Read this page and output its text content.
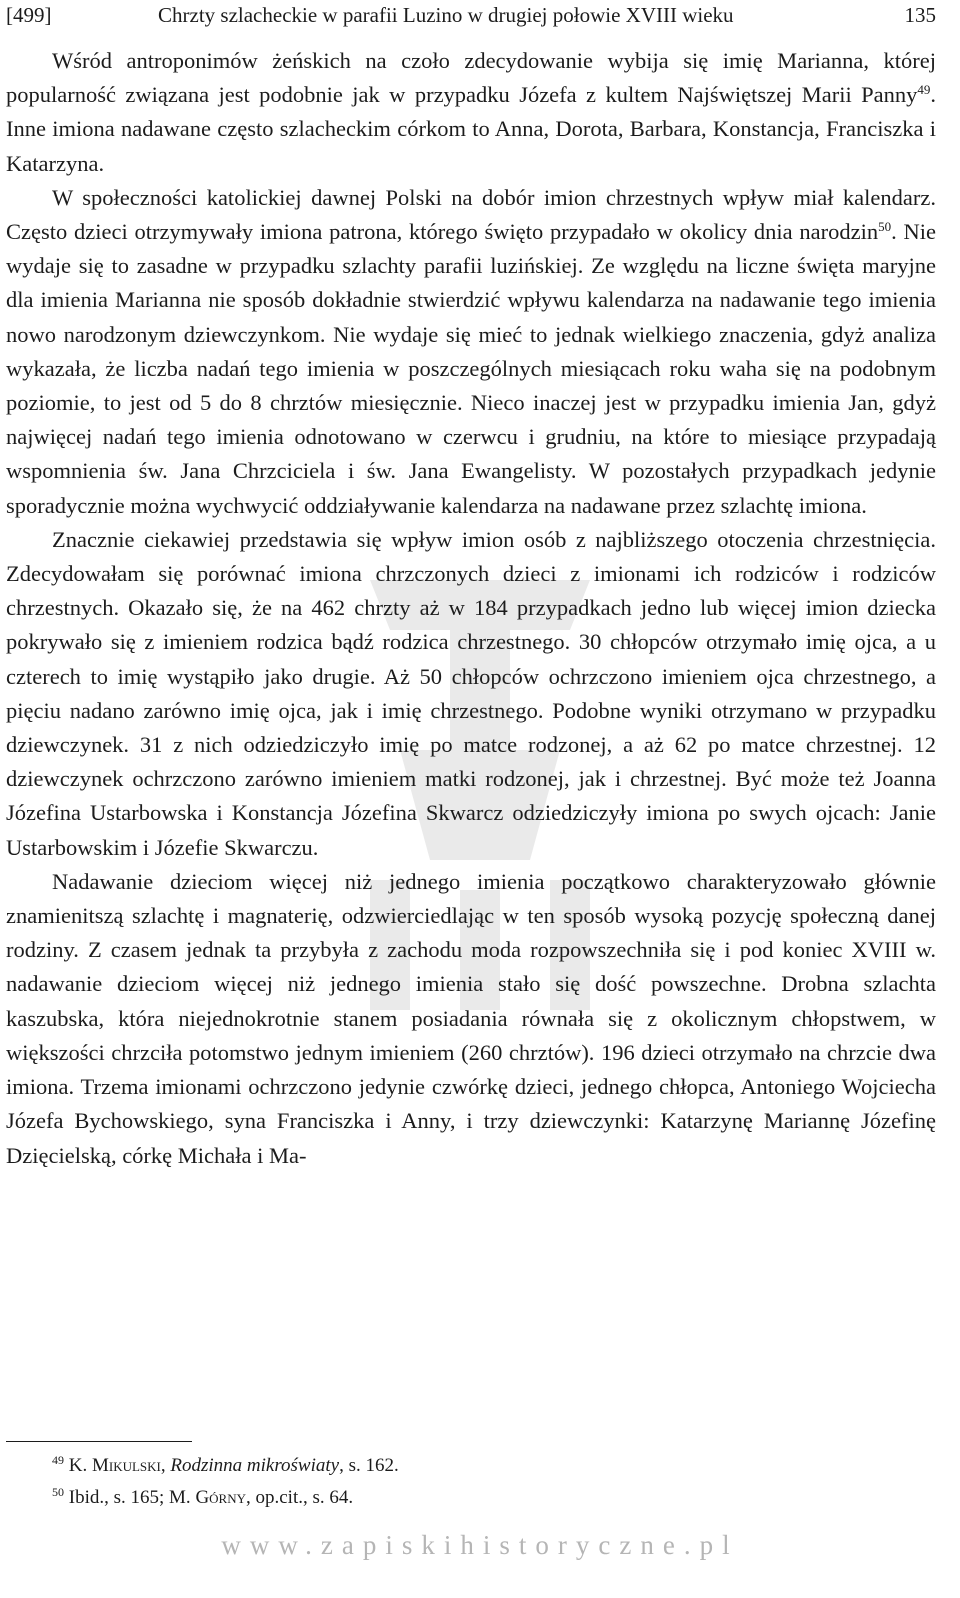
[499]	Chrzty szlacheckie w parafii Luzino w drugiej połowie XVIII wieku	135

Wśród antroponimów żeńskich na czoło zdecydowanie wybija się imię Marianna, której popularność związana jest podobnie jak w przypadku Józefa z kultem Najświętszej Marii Panny$^{49}$. Inne imiona nadawane często szlacheckim córkom to Anna, Dorota, Barbara, Konstancja, Franciszka i Katarzyna.

W społeczności katolickiej dawnej Polski na dobór imion chrzestnych wpływ miał kalendarz. Często dzieci otrzymywały imiona patrona, którego święto przypadało w okolicy dnia narodzin$^{50}$. Nie wydaje się to zasadne w przypadku szlachty parafii luzińskiej. Ze względu na liczne święta maryjne dla imienia Marianna nie sposób dokładnie stwierdzić wpływu kalendarza na nadawanie tego imienia nowo narodzonym dziewczynkom. Nie wydaje się mieć to jednak wielkiego znaczenia, gdyż analiza wykazała, że liczba nadań tego imienia w poszczególnych miesiącach roku waha się na podobnym poziomie, to jest od 5 do 8 chrztów miesięcznie. Nieco inaczej jest w przypadku imienia Jan, gdyż najwięcej nadań tego imienia odnotowano w czerwcu i grudniu, na które to miesiące przypadają wspomnienia św. Jana Chrzciciela i św. Jana Ewangelisty. W pozostałych przypadkach jedynie sporadycznie można wychwycić oddziaływanie kalendarza na nadawane przez szlachtę imiona.

Znacznie ciekawiej przedstawia się wpływ imion osób z najbliższego otoczenia chrzestnięcia. Zdecydowałam się porównać imiona chrzczonych dzieci z imionami ich rodziców i rodziców chrzestnych. Okazało się, że na 462 chrzty aż w 184 przypadkach jedno lub więcej imion dziecka pokrywało się z imieniem rodzica bądź rodzica chrzestnego. 30 chłopców otrzymało imię ojca, a u czterech to imię wystąpiło jako drugie. Aż 50 chłopców ochrzczono imieniem ojca chrzestnego, a pięciu nadano zarówno imię ojca, jak i imię chrzestnego. Podobne wyniki otrzymano w przypadku dziewczynek. 31 z nich odziedziczyło imię po matce rodzonej, a aż 62 po matce chrzestnej. 12 dziewczynek ochrzczono zarówno imieniem matki rodzonej, jak i chrzestnej. Być może też Joanna Józefina Ustarbowska i Konstancja Józefina Skwarcz odziedziczyły imiona po swych ojcach: Janie Ustarbowskim i Józefie Skwarczu.

Nadawanie dzieciom więcej niż jednego imienia początkowo charakteryzowało głównie znamienitszą szlachtę i magnaterię, odzwierciedlając w ten sposób wysoką pozycję społeczną danej rodziny. Z czasem jednak ta przybyła z zachodu moda rozpowszechniła się i pod koniec XVIII w. nadawanie dzieciom więcej niż jednego imienia stało się dość powszechne. Drobna szlachta kaszubska, która niejednokrotnie stanem posiadania równała się z okolicznym chłopstwem, w większości chrzciła potomstwo jednym imieniem (260 chrztów). 196 dzieci otrzymało na chrzcie dwa imiona. Trzema imionami ochrzczono jedynie czwórkę dzieci, jednego chłopca, Antoniego Wojciecha Józefa Bychowskiego, syna Franciszka i Anny, i trzy dziewczynki: Katarzynę Mariannę Józefinę Dzięcielską, córkę Michała i Ma-

$^{49}$ K. Mikulski, Rodzinna mikroświaty, s. 162.

$^{50}$ Ibid., s. 165; M. Górny, op.cit., s. 64.

www.zapiskihistoryczne.pl
